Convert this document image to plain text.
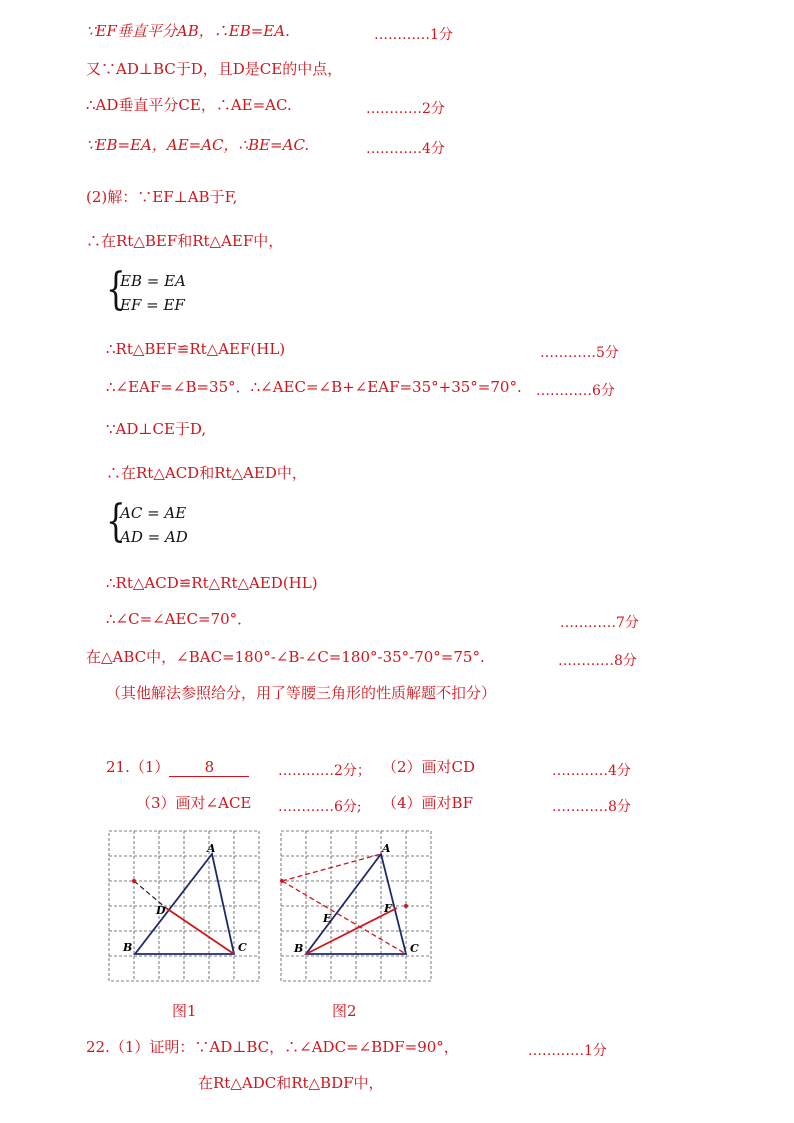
∵EF垂直平分AB，∴EB=EA.	…………1分
又∵AD⊥BC于D，且D是CE的中点，
∴AD垂直平分CE，∴AE=AC.	…………2分
∵EB=EA，AE=AC，∴BE=AC.	…………4分
(2)解：∵EF⊥AB于F,
∴在Rt△BEF和Rt△AEF中，
{
EB = EA
EF = EF
∴Rt△BEF≌Rt△AEF(HL)	…………5分
∴∠EAF=∠B=35°．∴∠AEC=∠B+∠EAF=35°+35°=70°. …………6分
∵AD⊥CE于D,
∴在Rt△ACD和Rt△AED中，
{
AC = AE
AD = AD
∴Rt△ACD≌Rt△Rt△AED(HL)
∴∠C=∠AEC=70°．	…………7分
在△ABC中，∠BAC=180°-∠B-∠C=180°-35°-70°=75°.	…………8分
（其他解法参照给分，用了等腰三角形的性质解题不扣分）
21.（1） 8	…………2分； （2）画对CD	…………4分
（3）画对∠ACE …………6分; （4）画对BF	…………8分
A
B	C
D
图1
A
B	C
E
F
图2
22.（1）证明：∵AD⊥BC，∴∠ADC=∠BDF=90°，	…………1分
在Rt△ADC和Rt△BDF中，
